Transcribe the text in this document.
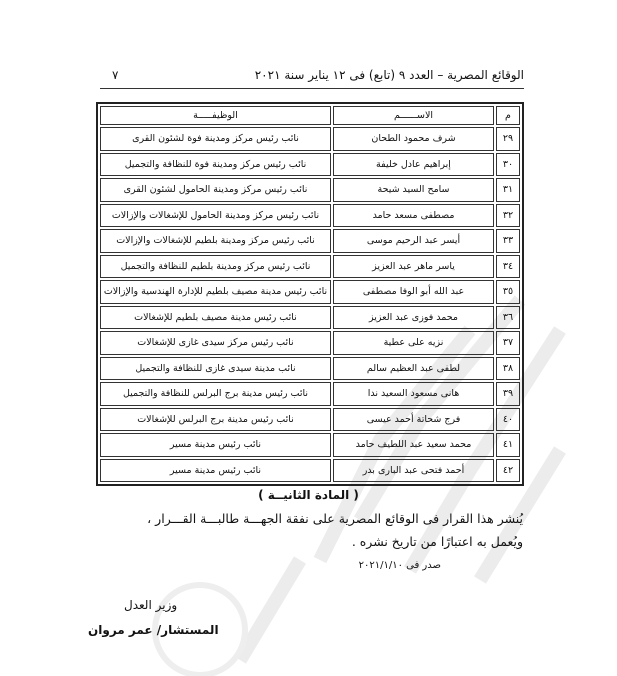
الوقائع المصرية – العدد ٩ (تابع) فى ١٢ يناير سنة ٢٠٢١
٧
م	الاســــــم	الوظيفـــــة
٢٩	شرف محمود الطحان	نائب رئيس مركز ومدينة فوة لشئون القرى
٣٠	إبراهيم عادل خليفة	نائب رئيس مركز ومدينة فوة للنظافة والتجميل
٣١	سامح السيد شيحة	نائب رئيس مركز ومدينة الحامول لشئون القرى
٣٢	مصطفى مسعد حامد	نائب رئيس مركز ومدينة الحامول للإشغالات والإزالات
٣٣	أيسر عبد الرحيم موسى	نائب رئيس مركز ومدينة بلطيم للإشغالات والإزالات
٣٤	ياسر ماهر عبد العزيز	نائب رئيس مركز ومدينة بلطيم للنظافة والتجميل
٣٥	عبد الله أبو الوفا مصطفى	نائب رئيس مدينة مصيف بلطيم للإدارة الهندسية والإزالات
٣٦	محمد فوزى عبد العزيز	نائب رئيس مدينة مصيف بلطيم للإشغالات
٣٧	نزيه على عطية	نائب رئيس مركز سيدى غازى للإشغالات
٣٨	لطفى عبد العظيم سالم	نائب مدينة سيدى غازى للنظافة والتجميل
٣٩	هانى مسعود السعيد ندا	نائب رئيس مدينة برج البرلس للنظافة والتجميل
٤٠	فرج شحاتة أحمد عيسى	نائب رئيس مدينة برج البرلس للإشغالات
٤١	محمد سعيد عبد اللطيف حامد	نائب رئيس مدينة مسير
٤٢	أحمد فتحى عبد البارى بدر	نائب رئيس مدينة مسير
( المادة الثانيــة )
يُنشر هذا القرار فى الوقائع المصرية على نفقة الجهـــة طالبـــة القـــرار ،
ويُعمل به اعتبارًا من تاريخ نشره .
صدر فى ٢٠٢١/١/١٠
وزير العدل
المستشار/ عمر مروان
